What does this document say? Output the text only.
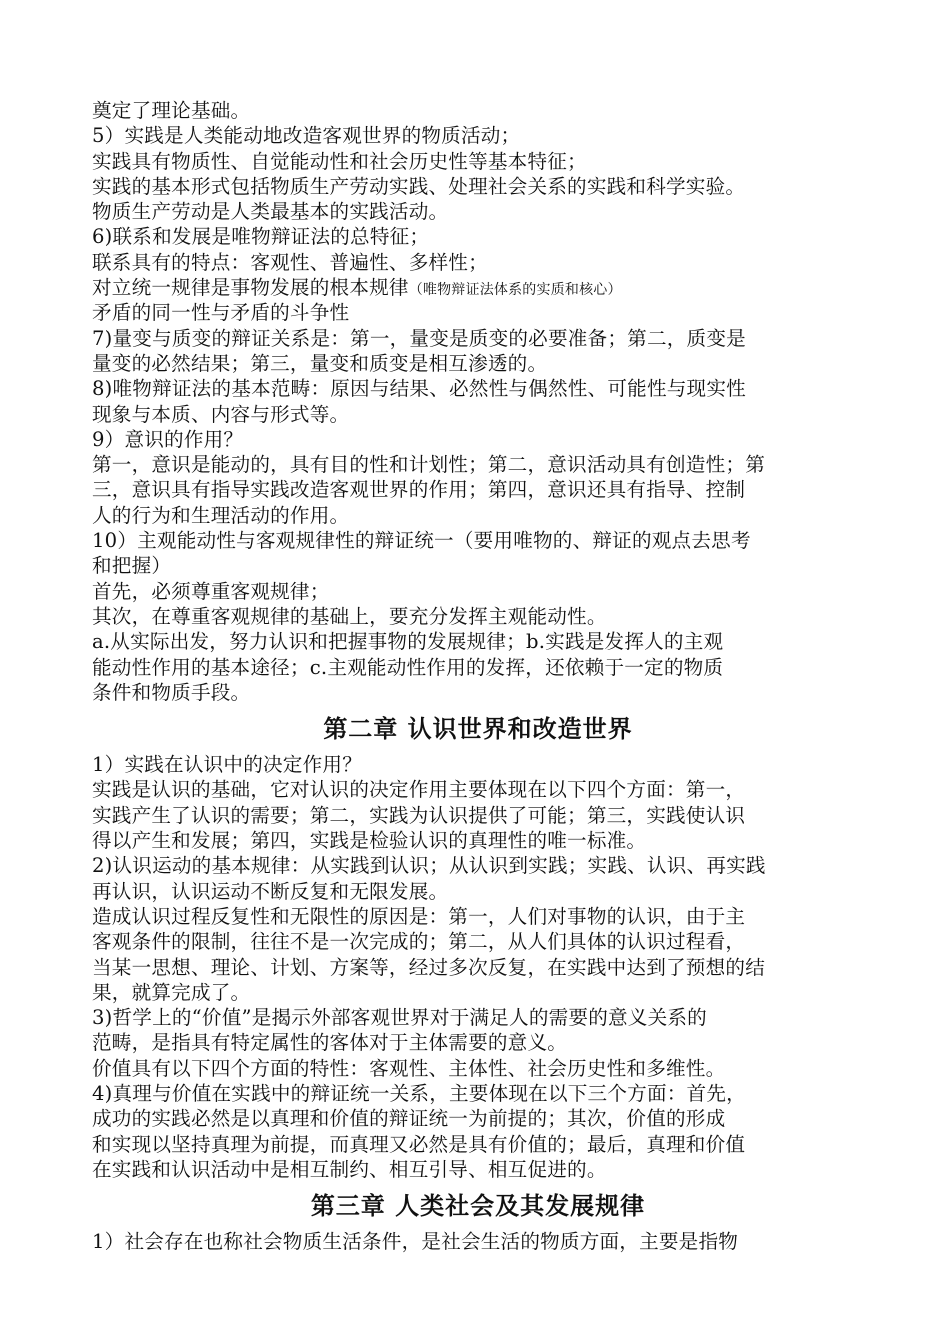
奠定了理论基础。
5）实践是人类能动地改造客观世界的物质活动；
实践具有物质性、自觉能动性和社会历史性等基本特征；
实践的基本形式包括物质生产劳动实践、处理社会关系的实践和科学实验。
物质生产劳动是人类最基本的实践活动。
6)联系和发展是唯物辩证法的总特征；
联系具有的特点：客观性、普遍性、多样性；
对立统一规律是事物发展的根本规律（唯物辩证法体系的实质和核心）
矛盾的同一性与矛盾的斗争性
7)量变与质变的辩证关系是：第一，量变是质变的必要准备；第二，质变是
量变的必然结果；第三，量变和质变是相互渗透的。
8)唯物辩证法的基本范畴：原因与结果、必然性与偶然性、可能性与现实性
现象与本质、内容与形式等。
9）意识的作用？
第一，意识是能动的，具有目的性和计划性；第二，意识活动具有创造性；第
三，意识具有指导实践改造客观世界的作用；第四，意识还具有指导、控制
人的行为和生理活动的作用。
10）主观能动性与客观规律性的辩证统一（要用唯物的、辩证的观点去思考
和把握）
首先，必须尊重客观规律；
其次，在尊重客观规律的基础上，要充分发挥主观能动性。
a.从实际出发，努力认识和把握事物的发展规律；b.实践是发挥人的主观
能动性作用的基本途径；c.主观能动性作用的发挥，还依赖于一定的物质
条件和物质手段。
第二章 认识世界和改造世界
1）实践在认识中的决定作用？
实践是认识的基础，它对认识的决定作用主要体现在以下四个方面：第一，
实践产生了认识的需要；第二，实践为认识提供了可能；第三，实践使认识
得以产生和发展；第四，实践是检验认识的真理性的唯一标准。
2)认识运动的基本规律：从实践到认识；从认识到实践；实践、认识、再实践
再认识，认识运动不断反复和无限发展。
造成认识过程反复性和无限性的原因是：第一，人们对事物的认识，由于主
客观条件的限制，往往不是一次完成的；第二，从人们具体的认识过程看，
当某一思想、理论、计划、方案等，经过多次反复，在实践中达到了预想的结
果，就算完成了。
3)哲学上的“价值”是揭示外部客观世界对于满足人的需要的意义关系的
范畴，是指具有特定属性的客体对于主体需要的意义。
价值具有以下四个方面的特性：客观性、主体性、社会历史性和多维性。
4)真理与价值在实践中的辩证统一关系，主要体现在以下三个方面：首先，
成功的实践必然是以真理和价值的辩证统一为前提的；其次，价值的形成
和实现以坚持真理为前提，而真理又必然是具有价值的；最后，真理和价值
在实践和认识活动中是相互制约、相互引导、相互促进的。
第三章 人类社会及其发展规律
1）社会存在也称社会物质生活条件，是社会生活的物质方面，主要是指物
